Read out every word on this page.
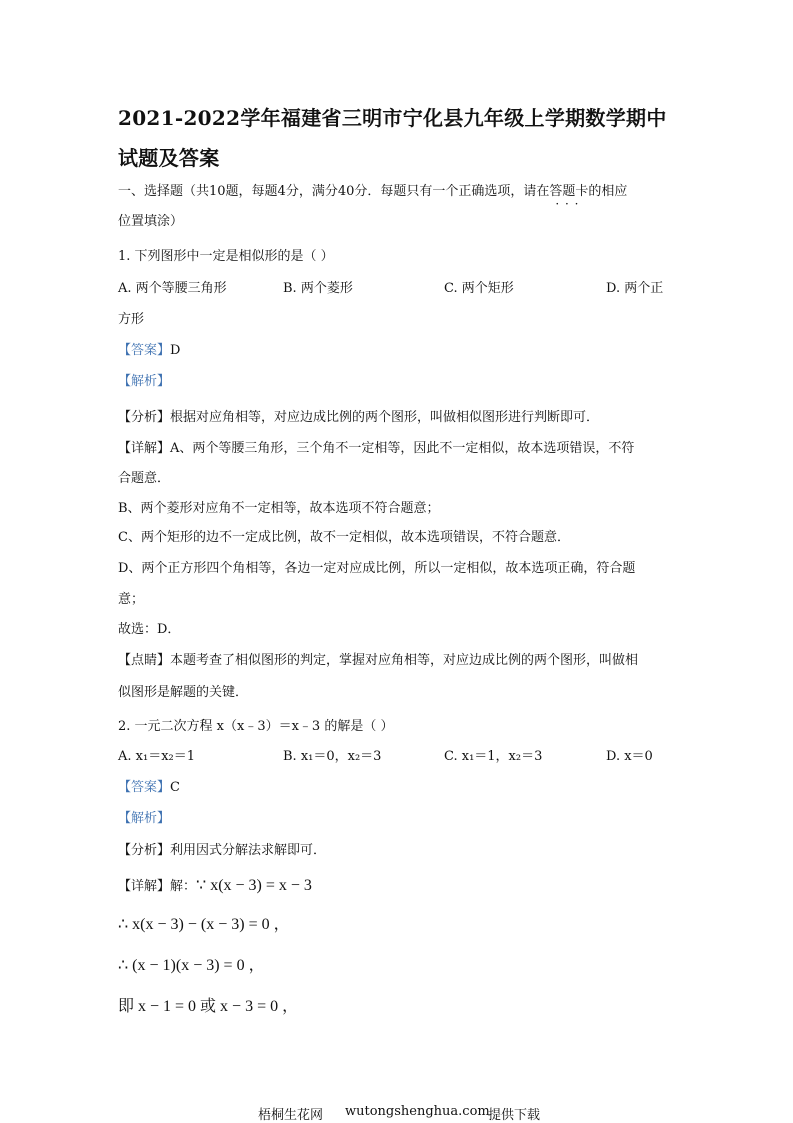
2021-2022学年福建省三明市宁化县九年级上学期数学期中
试题及答案
一、选择题（共10题，每题4分，满分40分．每题只有一个正确选项，请在答题卡 · · ·的相应
位置填涂）
1. 下列图形中一定是相似形的是（ ）
A. 两个等腰三角形	B. 两个菱形	C. 两个矩形	D. 两个正
方形
【答案】D
【解析】
【分析】根据对应角相等，对应边成比例的两个图形，叫做相似图形进行判断即可．
【详解】A、两个等腰三角形，三个角不一定相等，因此不一定相似，故本选项错误，不符
合题意．
B、两个菱形对应角不一定相等，故本选项不符合题意；
C、两个矩形的边不一定成比例，故不一定相似，故本选项错误，不符合题意．
D、两个正方形四个角相等，各边一定对应成比例，所以一定相似，故本选项正确，符合题
意；
故选：D．
【点睛】本题考查了相似图形的判定，掌握对应角相等，对应边成比例的两个图形，叫做相
似图形是解题的关键．
2. 一元二次方程 x（x﹣3）＝x﹣3 的解是（ ）
A. x₁＝x₂＝1	B. x₁＝0，x₂＝3	C. x₁＝1，x₂＝3	D. x＝0
【答案】C
【解析】
【分析】利用因式分解法求解即可．
【详解】解：∵ x(x − 3) = x − 3
∴ x(x − 3) − (x − 3) = 0 ，
∴ (x − 1)(x − 3) = 0 ，
即 x − 1 = 0 或 x − 3 = 0 ，
梧桐生花网 wutongshenghua.com
提供下载
